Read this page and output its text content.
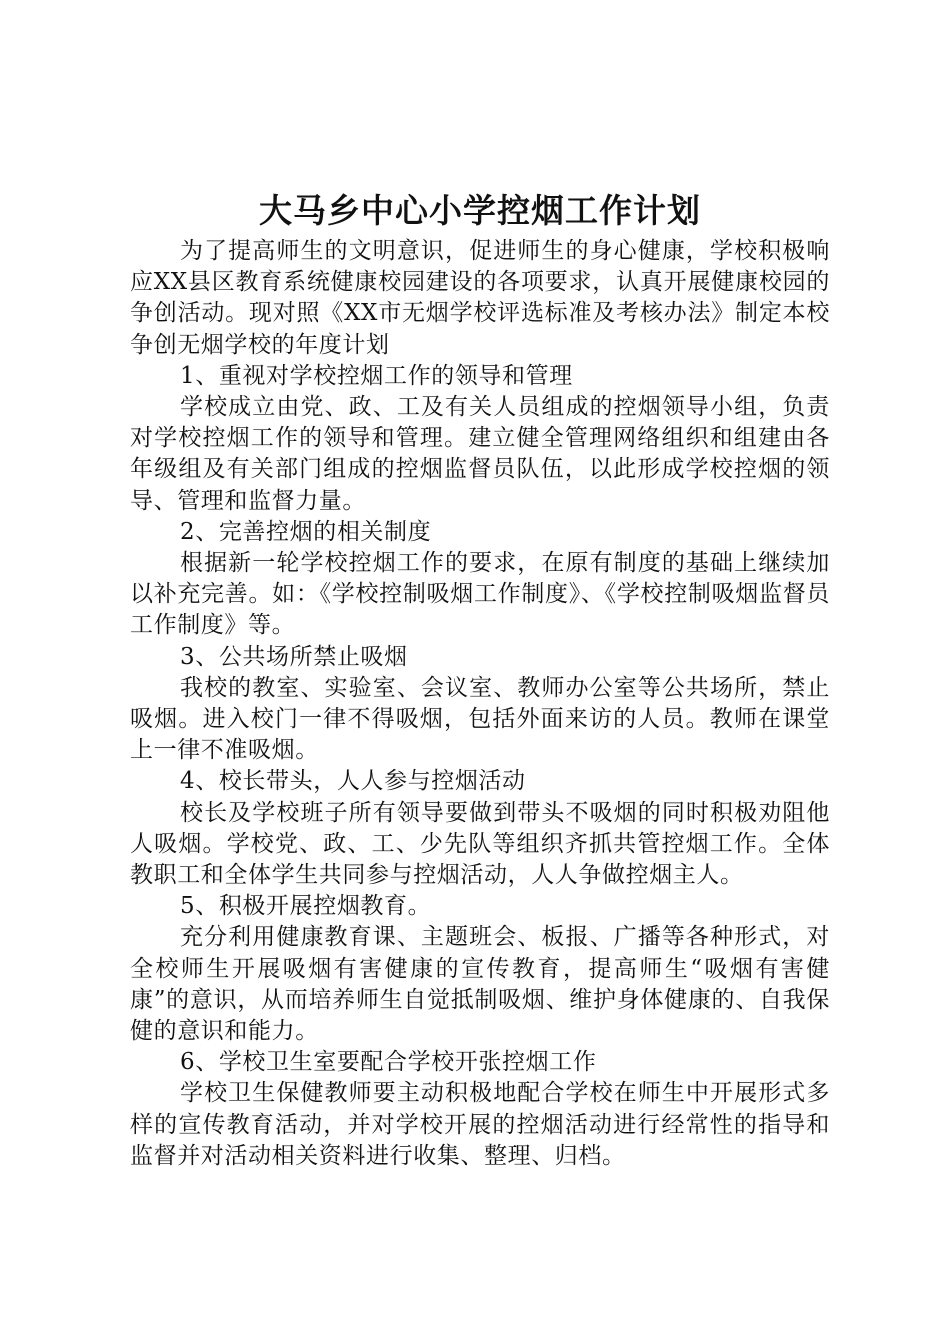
大马乡中心小学控烟工作计划

为了提高师生的文明意识，促进师生的身心健康，学校积极响应XX县区教育系统健康校园建设的各项要求，认真开展健康校园的争创活动。现对照《XX市无烟学校评选标准及考核办法》制定本校争创无烟学校的年度计划

1、重视对学校控烟工作的领导和管理

学校成立由党、政、工及有关人员组成的控烟领导小组，负责对学校控烟工作的领导和管理。建立健全管理网络组织和组建由各年级组及有关部门组成的控烟监督员队伍，以此形成学校控烟的领导、管理和监督力量。

2、完善控烟的相关制度

根据新一轮学校控烟工作的要求，在原有制度的基础上继续加以补充完善。如：《学校控制吸烟工作制度》、《学校控制吸烟监督员工作制度》等。

3、公共场所禁止吸烟

我校的教室、实验室、会议室、教师办公室等公共场所，禁止吸烟。进入校门一律不得吸烟，包括外面来访的人员。教师在课堂上一律不准吸烟。

4、校长带头，人人参与控烟活动

校长及学校班子所有领导要做到带头不吸烟的同时积极劝阻他人吸烟。学校党、政、工、少先队等组织齐抓共管控烟工作。全体教职工和全体学生共同参与控烟活动，人人争做控烟主人。

5、积极开展控烟教育。

充分利用健康教育课、主题班会、板报、广播等各种形式，对全校师生开展吸烟有害健康的宣传教育，提高师生“吸烟有害健康”的意识，从而培养师生自觉抵制吸烟、维护身体健康的、自我保健的意识和能力。

6、学校卫生室要配合学校开张控烟工作

学校卫生保健教师要主动积极地配合学校在师生中开展形式多样的宣传教育活动，并对学校开展的控烟活动进行经常性的指导和监督并对活动相关资料进行收集、整理、归档。
